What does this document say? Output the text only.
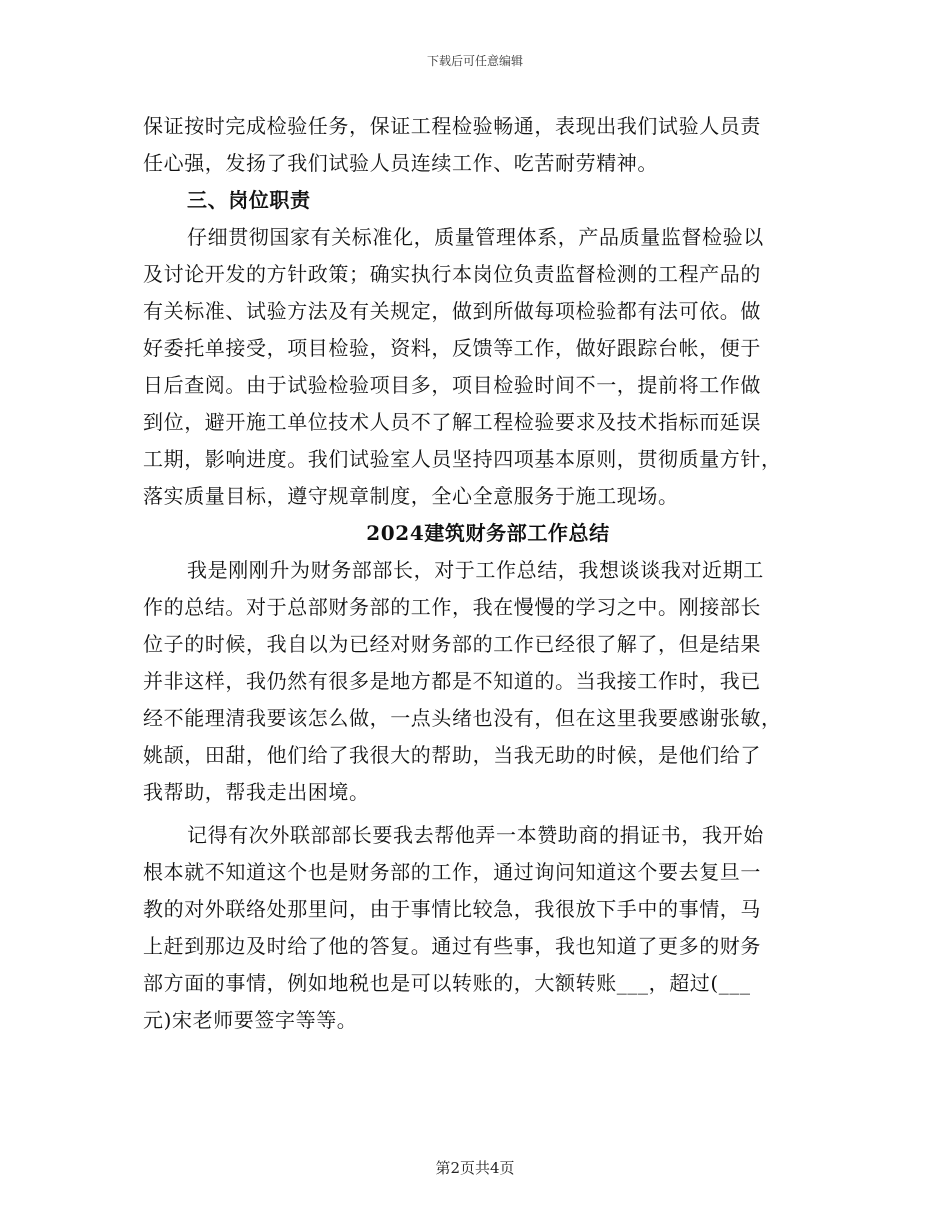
下载后可任意编辑
保证按时完成检验任务，保证工程检验畅通，表现出我们试验人员责
任心强，发扬了我们试验人员连续工作、吃苦耐劳精神。
三、岗位职责
仔细贯彻国家有关标准化，质量管理体系，产品质量监督检验以
及讨论开发的方针政策；确实执行本岗位负责监督检测的工程产品的
有关标准、试验方法及有关规定，做到所做每项检验都有法可依。做
好委托单接受，项目检验，资料，反馈等工作，做好跟踪台帐，便于
日后查阅。由于试验检验项目多，项目检验时间不一，提前将工作做
到位，避开施工单位技术人员不了解工程检验要求及技术指标而延误
工期，影响进度。我们试验室人员坚持四项基本原则，贯彻质量方针，
落实质量目标，遵守规章制度，全心全意服务于施工现场。
2024建筑财务部工作总结
我是刚刚升为财务部部长，对于工作总结，我想谈谈我对近期工
作的总结。对于总部财务部的工作，我在慢慢的学习之中。刚接部长
位子的时候，我自以为已经对财务部的工作已经很了解了，但是结果
并非这样，我仍然有很多是地方都是不知道的。当我接工作时，我已
经不能理清我要该怎么做，一点头绪也没有，但在这里我要感谢张敏，
姚颉，田甜，他们给了我很大的帮助，当我无助的时候，是他们给了
我帮助，帮我走出困境。
记得有次外联部部长要我去帮他弄一本赞助商的捐证书，我开始
根本就不知道这个也是财务部的工作，通过询问知道这个要去复旦一
教的对外联络处那里问，由于事情比较急，我很放下手中的事情，马
上赶到那边及时给了他的答复。通过有些事，我也知道了更多的财务
部方面的事情，例如地税也是可以转账的，大额转账___，超过(___
元)宋老师要签字等等。
第2页共4页
